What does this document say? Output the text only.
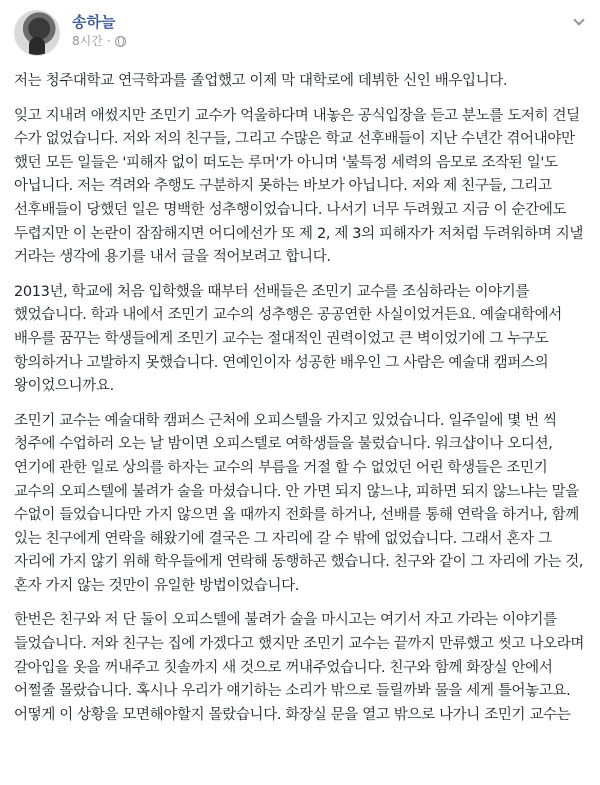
송하늘
8시간 ·

저는 청주대학교 연극학과를 졸업했고 이제 막 대학로에 데뷔한 신인 배우입니다.

잊고 지내려 애썼지만 조민기 교수가 억울하다며 내놓은 공식입장을 듣고 분노를 도저히 견딜 수가 없었습니다. 저와 저의 친구들, 그리고 수많은 학교 선후배들이 지난 수년간 겪어내야만 했던 모든 일들은 '피해자 없이 떠도는 루머'가 아니며 '불특정 세력의 음모로 조작된 일'도 아닙니다. 저는 격려와 추행도 구분하지 못하는 바보가 아닙니다. 저와 제 친구들, 그리고 선후배들이 당했던 일은 명백한 성추행이었습니다. 나서기 너무 두려웠고 지금 이 순간에도 두렵지만 이 논란이 잠잠해지면 어디에선가 또 제 2, 제 3의 피해자가 저처럼 두려워하며 지낼 거라는 생각에 용기를 내서 글을 적어보려고 합니다.

2013년, 학교에 처음 입학했을 때부터 선배들은 조민기 교수를 조심하라는 이야기를 했었습니다. 학과 내에서 조민기 교수의 성추행은 공공연한 사실이었거든요. 예술대학에서 배우를 꿈꾸는 학생들에게 조민기 교수는 절대적인 권력이었고 큰 벽이었기에 그 누구도 항의하거나 고발하지 못했습니다. 연예인이자 성공한 배우인 그 사람은 예술대 캠퍼스의 왕이었으니까요.

조민기 교수는 예술대학 캠퍼스 근처에 오피스텔을 가지고 있었습니다. 일주일에 몇 번 씩 청주에 수업하러 오는 날 밤이면 오피스텔로 여학생들을 불렀습니다. 워크샵이나 오디션, 연기에 관한 일로 상의를 하자는 교수의 부름을 거절 할 수 없었던 어린 학생들은 조민기 교수의 오피스텔에 불려가 술을 마셨습니다. 안 가면 되지 않느냐, 피하면 되지 않느냐는 말을 수없이 들었습니다만 가지 않으면 올 때까지 전화를 하거나, 선배를 통해 연락을 하거나, 함께 있는 친구에게 연락을 해왔기에 결국은 그 자리에 갈 수 밖에 없었습니다. 그래서 혼자 그 자리에 가지 않기 위해 학우들에게 연락해 동행하곤 했습니다. 친구와 같이 그 자리에 가는 것, 혼자 가지 않는 것만이 유일한 방법이었습니다.

한번은 친구와 저 단 둘이 오피스텔에 불려가 술을 마시고는 여기서 자고 가라는 이야기를 들었습니다. 저와 친구는 집에 가겠다고 했지만 조민기 교수는 끝까지 만류했고 씻고 나오라며 갈아입을 옷을 꺼내주고 칫솔까지 새 것으로 꺼내주었습니다. 친구와 함께 화장실 안에서 어쩔줄 몰랐습니다. 혹시나 우리가 얘기하는 소리가 밖으로 들릴까봐 물을 세게 틀어놓고요. 어떻게 이 상황을 모면해야할지 몰랐습니다. 화장실 문을 열고 밖으로 나가니 조민기 교수는
